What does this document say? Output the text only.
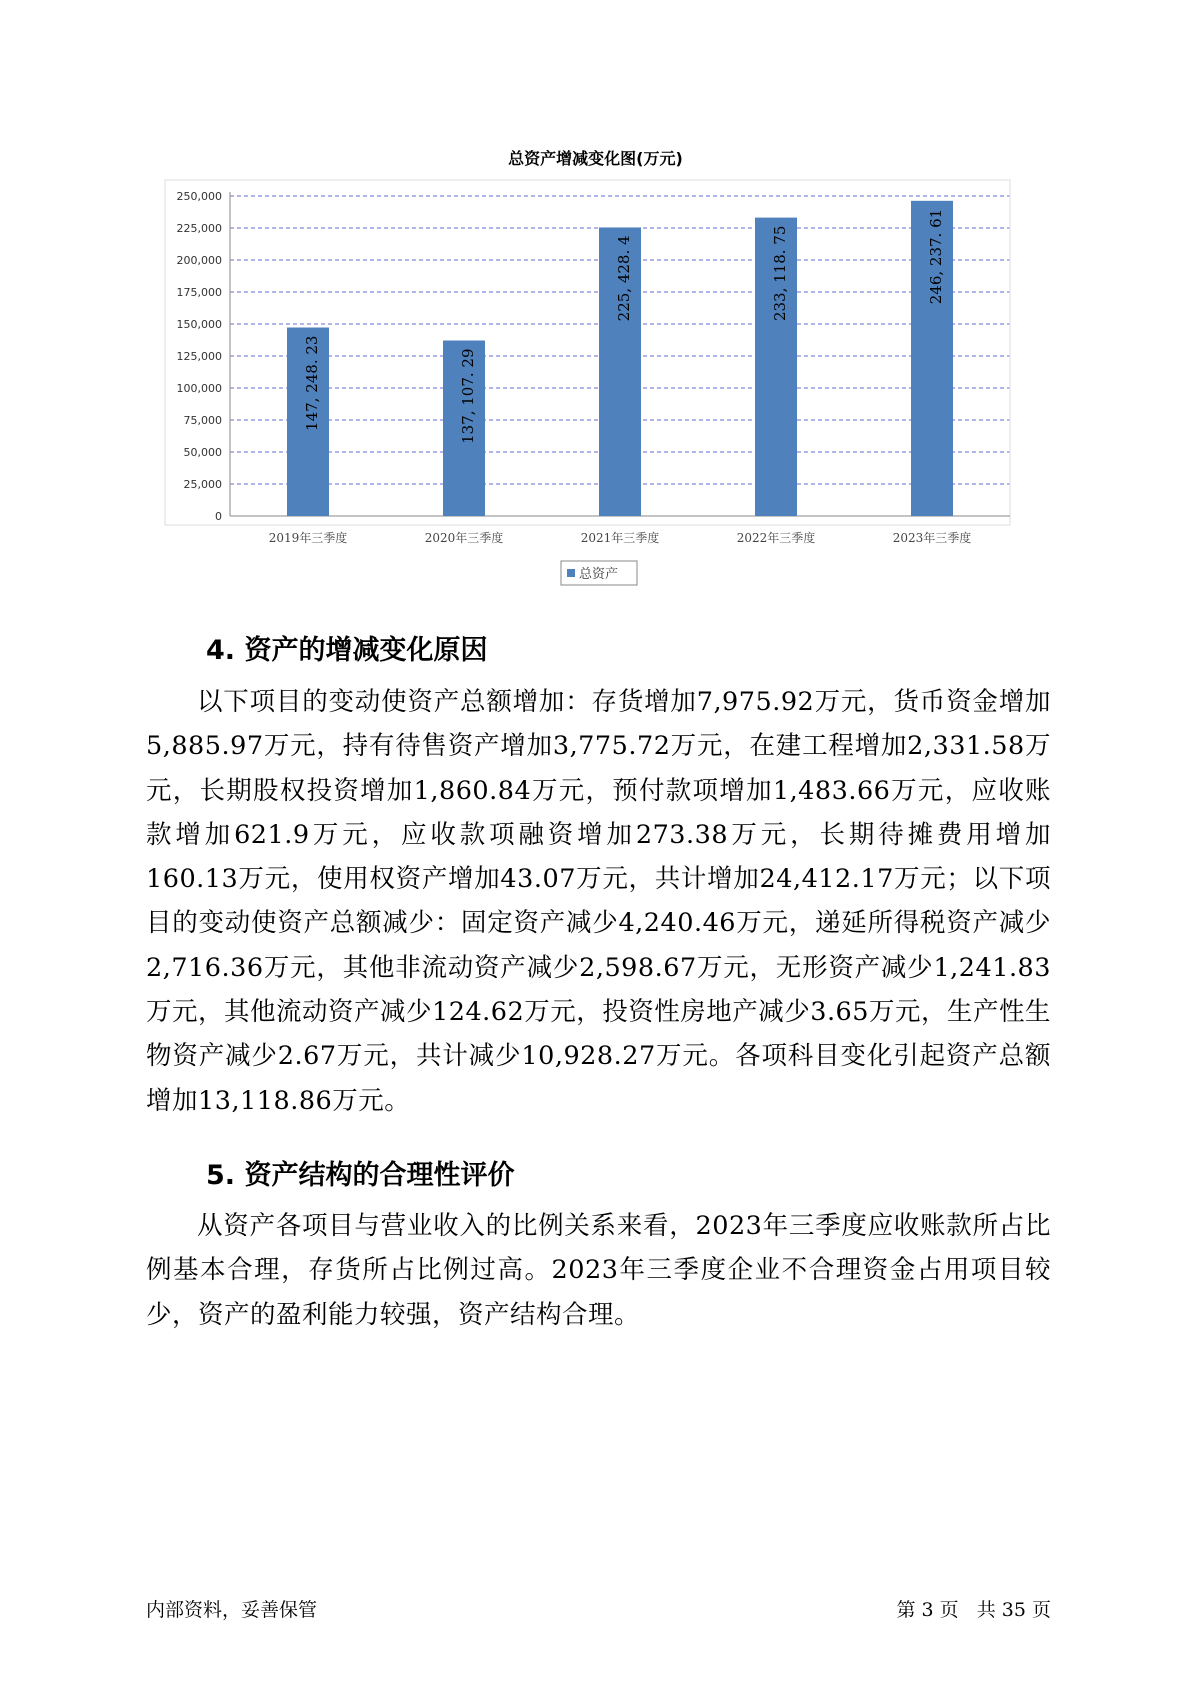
总资产增减变化图(万元)
0
25,000
50,000
75,000
100,000
125,000
150,000
175,000
200,000
225,000
250,000
147, 248. 23
2019年三季度
137, 107. 29
2020年三季度
225, 428. 4
2021年三季度
233, 118. 75
2022年三季度
246, 237. 61
2023年三季度
总资产
4. 资产的增减变化原因

以下项目的变动使资产总额增加：存货增加7,975.92万元，货币资金增加5,885.97万元，持有待售资产增加3,775.72万元，在建工程增加2,331.58万元，长期股权投资增加1,860.84万元，预付款项增加1,483.66万元，应收账款增加621.9万元，应收款项融资增加273.38万元，长期待摊费用增加160.13万元，使用权资产增加43.07万元，共计增加24,412.17万元；以下项目的变动使资产总额减少：固定资产减少4,240.46万元，递延所得税资产减少2,716.36万元，其他非流动资产减少2,598.67万元，无形资产减少1,241.83万元，其他流动资产减少124.62万元，投资性房地产减少3.65万元，生产性生物资产减少2.67万元，共计减少10,928.27万元。各项科目变化引起资产总额增加13,118.86万元。

5. 资产结构的合理性评价

从资产各项目与营业收入的比例关系来看，2023年三季度应收账款所占比例基本合理，存货所占比例过高。2023年三季度企业不合理资金占用项目较少，资产的盈利能力较强，资产结构合理。

内部资料，妥善保管	第 3 页   共 35 页
